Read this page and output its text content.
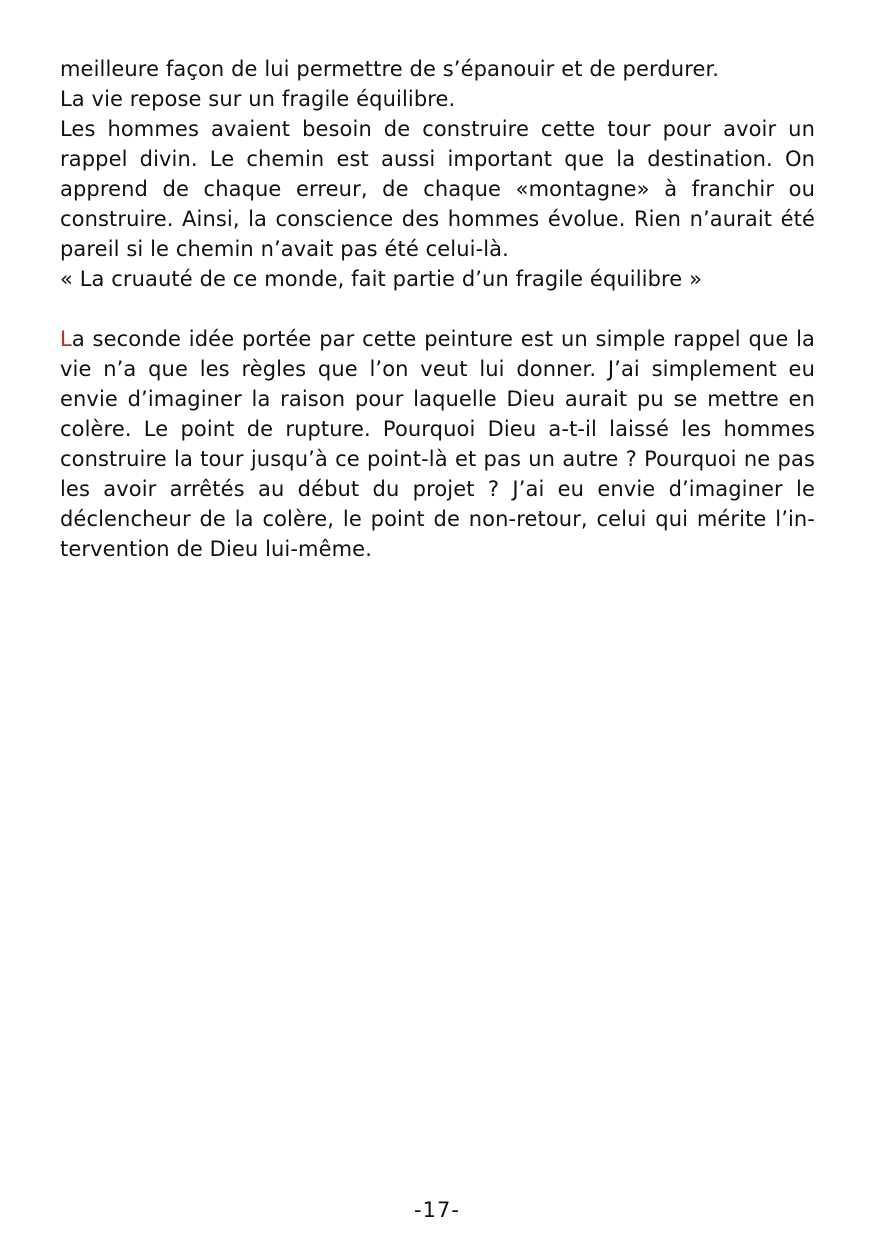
meilleure façon de lui permettre de s’épanouir et de perdurer.

La vie repose sur un fragile équilibre.

Les hommes avaient besoin de construire cette tour pour avoir un rappel divin. Le chemin est aussi important que la destination. On apprend de chaque erreur, de chaque «montagne» à franchir ou construire. Ainsi, la conscience des hommes évolue. Rien n’aurait été pareil si le chemin n’avait pas été celui-là.

« La cruauté de ce monde, fait partie d’un fragile équilibre »

La seconde idée portée par cette peinture est un simple rappel que la vie n’a que les règles que l’on veut lui donner. J’ai simplement eu envie d’imaginer la raison pour laquelle Dieu aurait pu se mettre en colère. Le point de rupture. Pourquoi Dieu a-t-il laissé les hommes construire la tour jusqu’à ce point-là et pas un autre ? Pourquoi ne pas les avoir arrêtés au début du projet ? J’ai eu envie d’imaginer le déclencheur de la colère, le point de non-retour, celui qui mérite l’in-tervention de Dieu lui-même.

-17-
